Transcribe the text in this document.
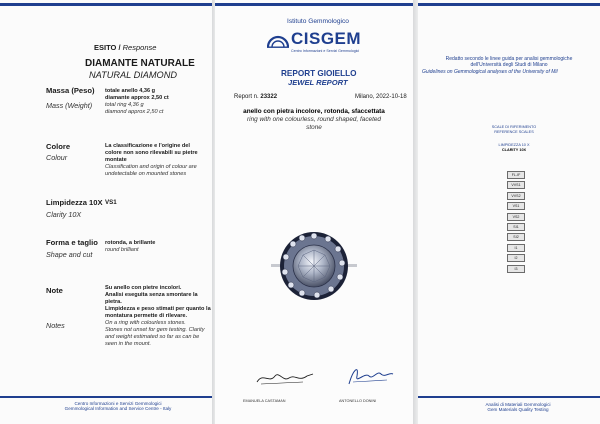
ESITO / Response
DIAMANTE NATURALE
NATURAL DIAMOND
Massa (Peso)
Mass (Weight)
totale anello 4,36 g
diamante approx 2,50 ct
total ring 4,36 g
diamond approx 2,50 ct
Colore
Colour
La classificazione e l'origine del
colore non sono rilevabili su pietre
montate
Classification and origin of colour are
undetectable on mounted stones
Limpidezza 10X
Clarity 10X
VS1
Forma e taglio
Shape and cut
rotonda, a brillante
round brilliant
Note
Notes
Su anello con pietre incolori.
Analisi eseguita senza smontare la pietra.
Limpidezza e peso stimati per quanto la
montatura permette di rilevare.
On a ring with colourless stones.
Stones not unset for gem testing. Clarity
and weight estimated so far as can be
seen in the mount.
Centro Informazioni e Servizi Gemmologici
Gemmological Information and Service Centre - Italy
Istituto Gemmologico
CISGEM
Centro Informazioni e Servizi Gemmologici
REPORT GIOIELLO
JEWEL REPORT
Report n. 23322	Milano, 2022-10-18
anello con pietra incolore, rotonda, sfaccettata
ring with one colourless, round shaped, faceted
stone
EMANUELA CASTAMAN	ANTONELLO DONINI
Redatto secondo le linee guida per analisi gemmologiche
dell'Università degli Studi di Milano
Guidelines on Gemmological analyses of the University of Mil
SCALE DI RIFERIMENTO
REFERENCE SCALES
LIMPIDEZZA 10 X
CLARITY 10X
Analisi di Materiali Gemmologici
Gem Materials Quality Testing
FL-IF
VVS1
VVS2
VS1
VS2
SI1
SI2
I1
I2
I3
